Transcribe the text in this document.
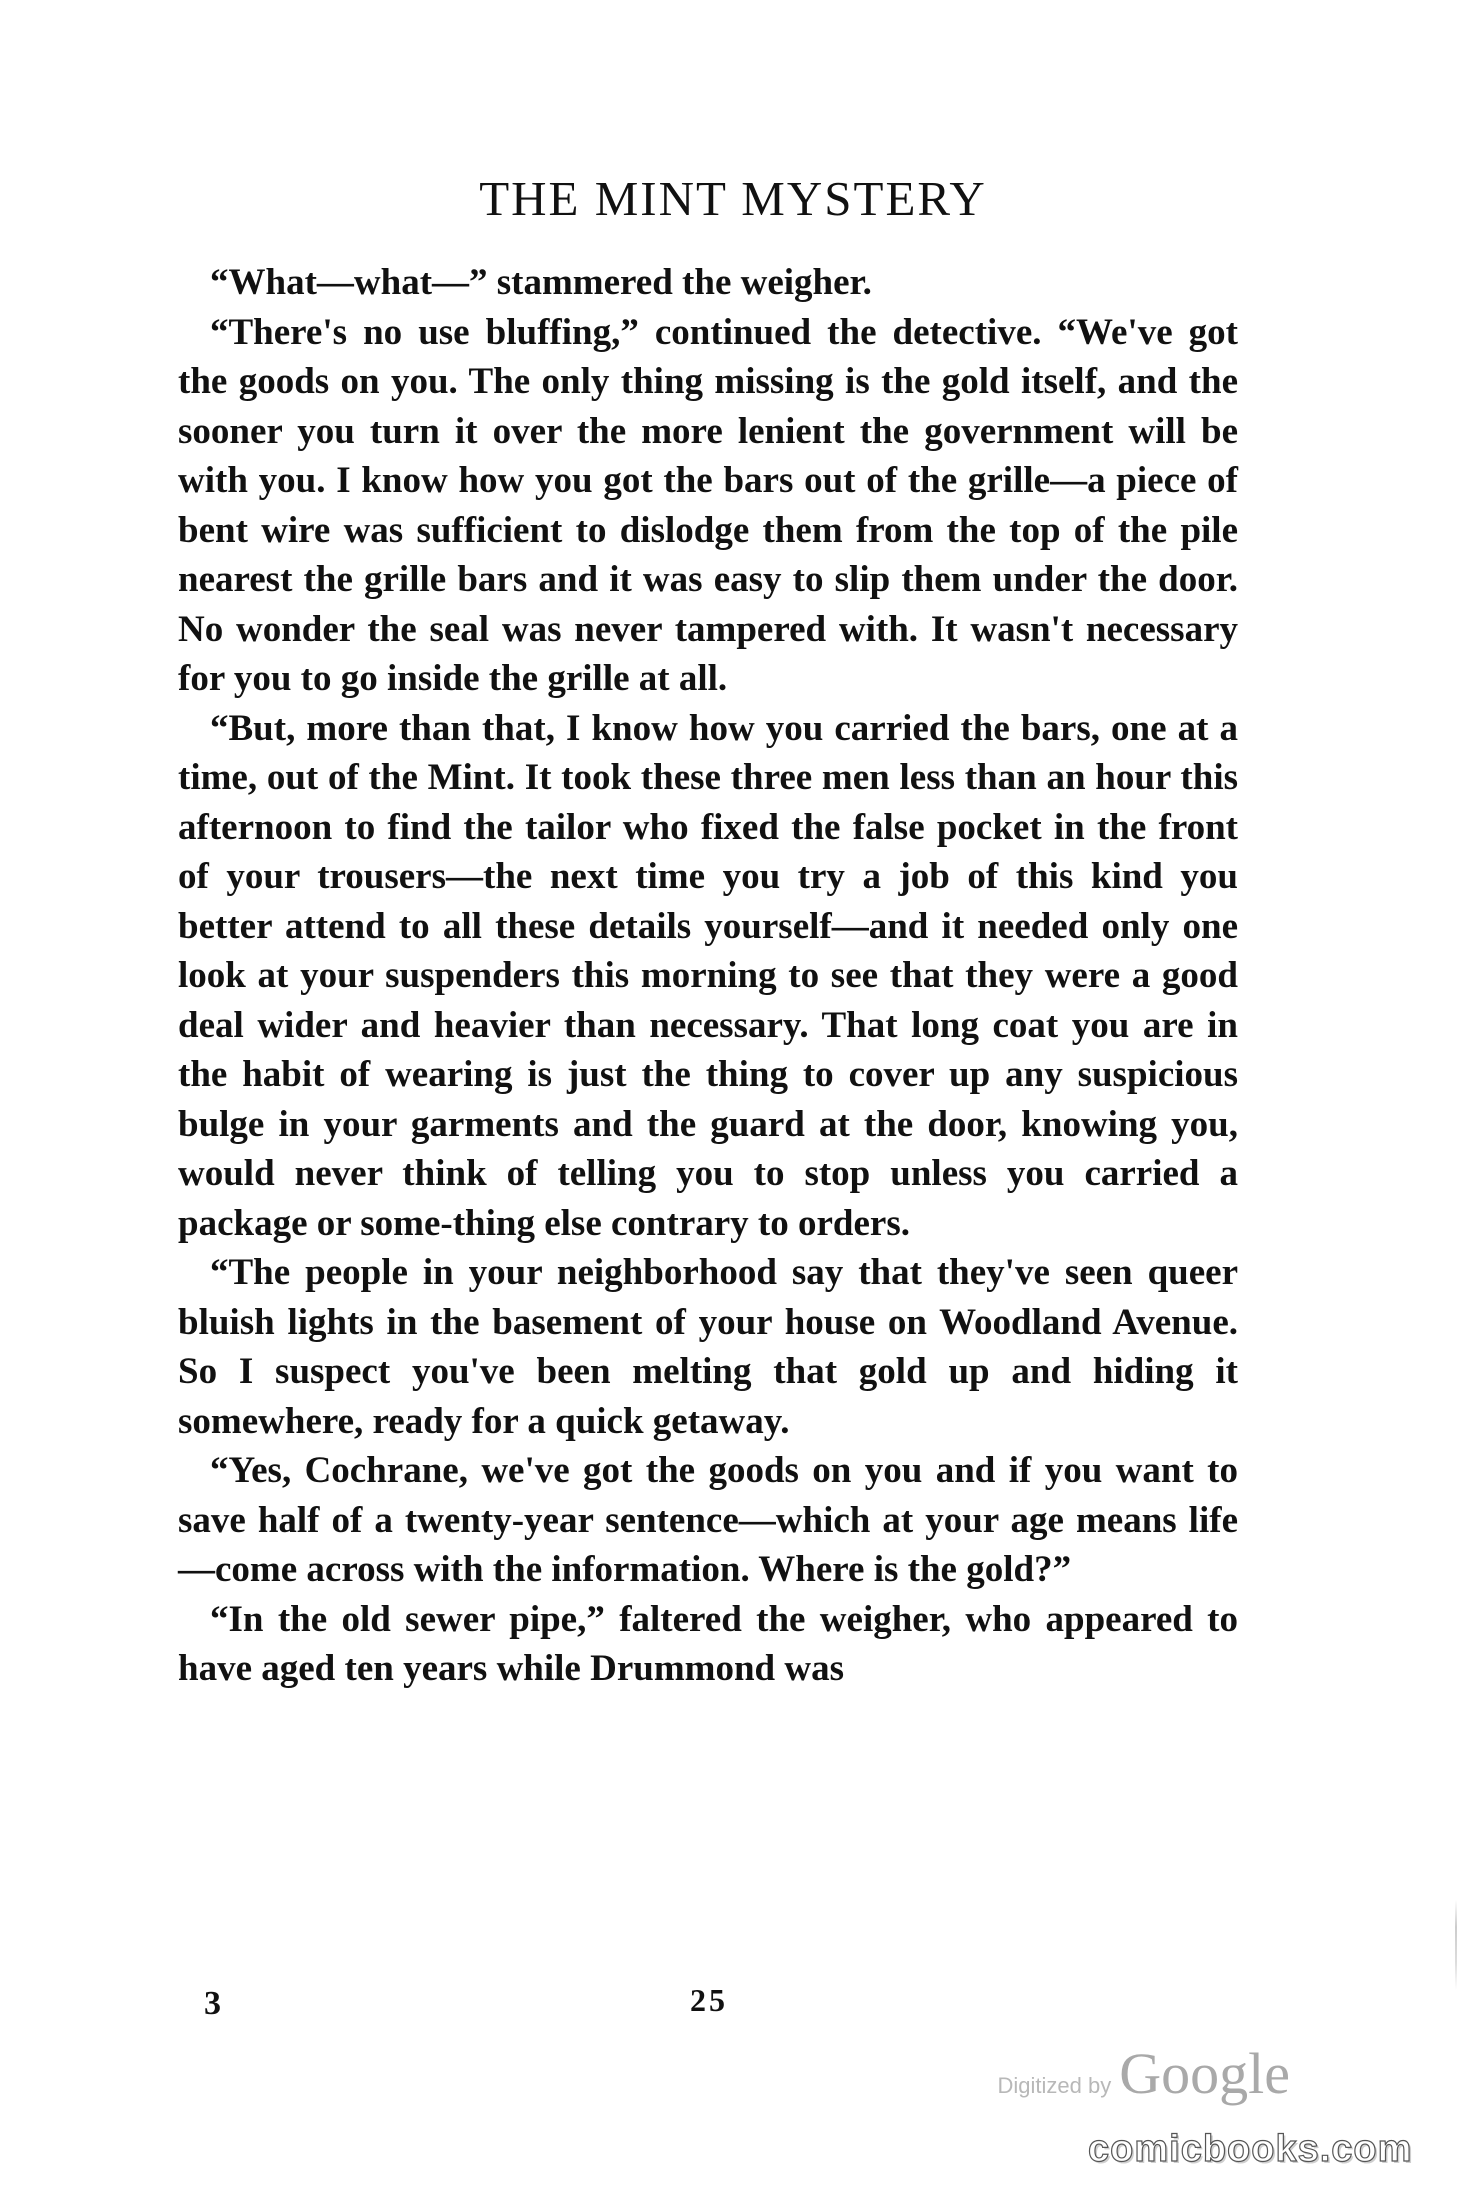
THE MINT MYSTERY

“What—what—” stammered the weigher.

“There's no use bluffing,” continued the detective. “We've got the goods on you. The only thing missing is the gold itself, and the sooner you turn it over the more lenient the government will be with you. I know how you got the bars out of the grille—a piece of bent wire was sufficient to dislodge them from the top of the pile nearest the grille bars and it was easy to slip them under the door. No wonder the seal was never tampered with. It wasn't necessary for you to go inside the grille at all.

“But, more than that, I know how you carried the bars, one at a time, out of the Mint. It took these three men less than an hour this afternoon to find the tailor who fixed the false pocket in the front of your trousers—the next time you try a job of this kind you better attend to all these details yourself—and it needed only one look at your suspenders this morning to see that they were a good deal wider and heavier than necessary. That long coat you are in the habit of wearing is just the thing to cover up any suspicious bulge in your garments and the guard at the door, knowing you, would never think of telling you to stop unless you carried a package or some-thing else contrary to orders.

“The people in your neighborhood say that they've seen queer bluish lights in the basement of your house on Woodland Avenue. So I suspect you've been melting that gold up and hiding it somewhere, ready for a quick getaway.

“Yes, Cochrane, we've got the goods on you and if you want to save half of a twenty-year sentence—which at your age means life—come across with the information. Where is the gold?”

“In the old sewer pipe,” faltered the weigher, who appeared to have aged ten years while Drummond was

3	25
Digitized by Google
comicbooks.com
